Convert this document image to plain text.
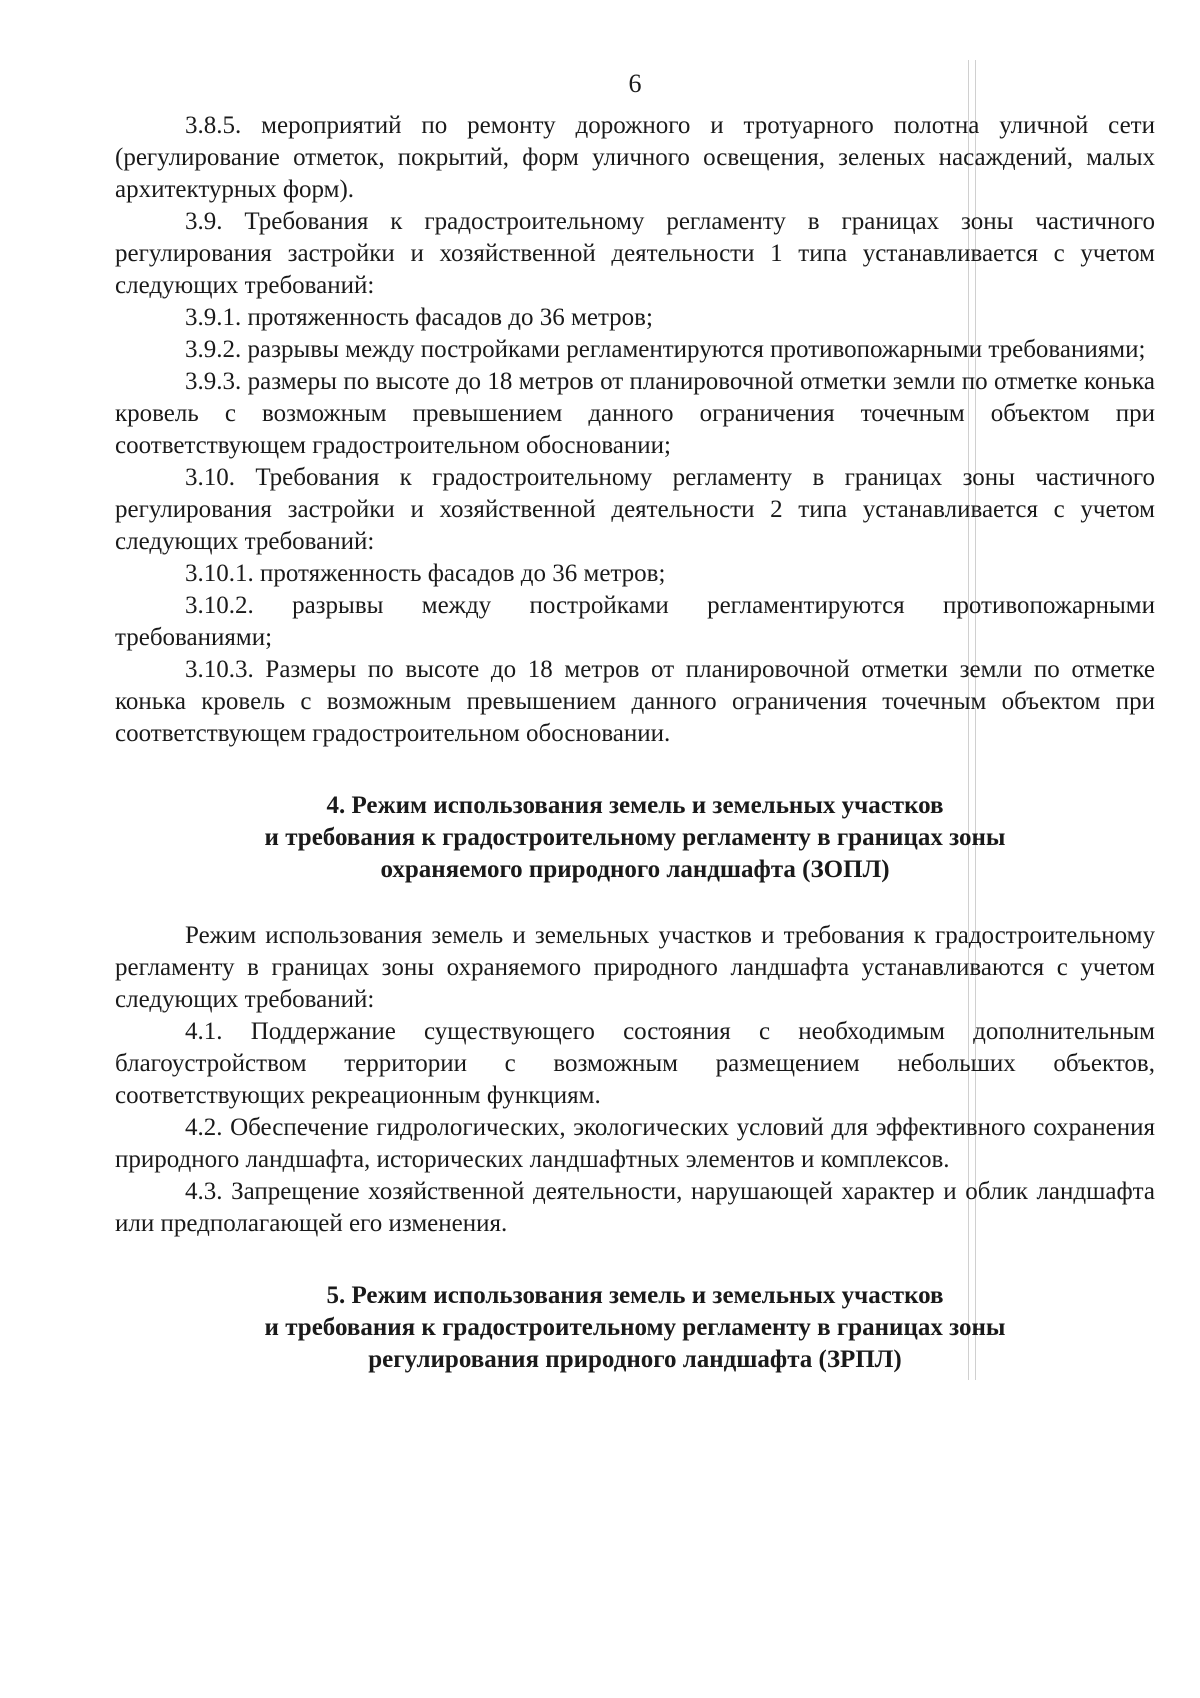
6

3.8.5. мероприятий по ремонту дорожного и тротуарного полотна уличной сети (регулирование отметок, покрытий, форм уличного освещения, зеленых насаждений, малых архитектурных форм).

3.9. Требования к градостроительному регламенту в границах зоны частичного регулирования застройки и хозяйственной деятельности 1 типа устанавливается с учетом следующих требований:

3.9.1. протяженность фасадов до 36 метров;

3.9.2. разрывы между постройками регламентируются противопожарными требованиями;

3.9.3. размеры по высоте до 18 метров от планировочной отметки земли по отметке конька кровель с возможным превышением данного ограничения точечным объектом при соответствующем градостроительном обосновании;

3.10. Требования к градостроительному регламенту в границах зоны частичного регулирования застройки и хозяйственной деятельности 2 типа устанавливается с учетом следующих требований:

3.10.1. протяженность фасадов до 36 метров;

3.10.2. разрывы между постройками регламентируются противопожарными требованиями;

3.10.3. Размеры по высоте до 18 метров от планировочной отметки земли по отметке конька кровель с возможным превышением данного ограничения точечным объектом при соответствующем градостроительном обосновании.

4. Режим использования земель и земельных участков
и требования к градостроительному регламенту в границах зоны
охраняемого природного ландшафта (ЗОПЛ)

Режим использования земель и земельных участков и требования к градостроительному регламенту в границах зоны охраняемого природного ландшафта устанавливаются с учетом следующих требований:

4.1. Поддержание существующего состояния с необходимым дополнительным благоустройством территории с возможным размещением небольших объектов, соответствующих рекреационным функциям.

4.2. Обеспечение гидрологических, экологических условий для эффективного сохранения природного ландшафта, исторических ландшафтных элементов и комплексов.

4.3. Запрещение хозяйственной деятельности, нарушающей характер и облик ландшафта или предполагающей его изменения.

5. Режим использования земель и земельных участков
и требования к градостроительному регламенту в границах зоны
регулирования природного ландшафта (ЗРПЛ)
